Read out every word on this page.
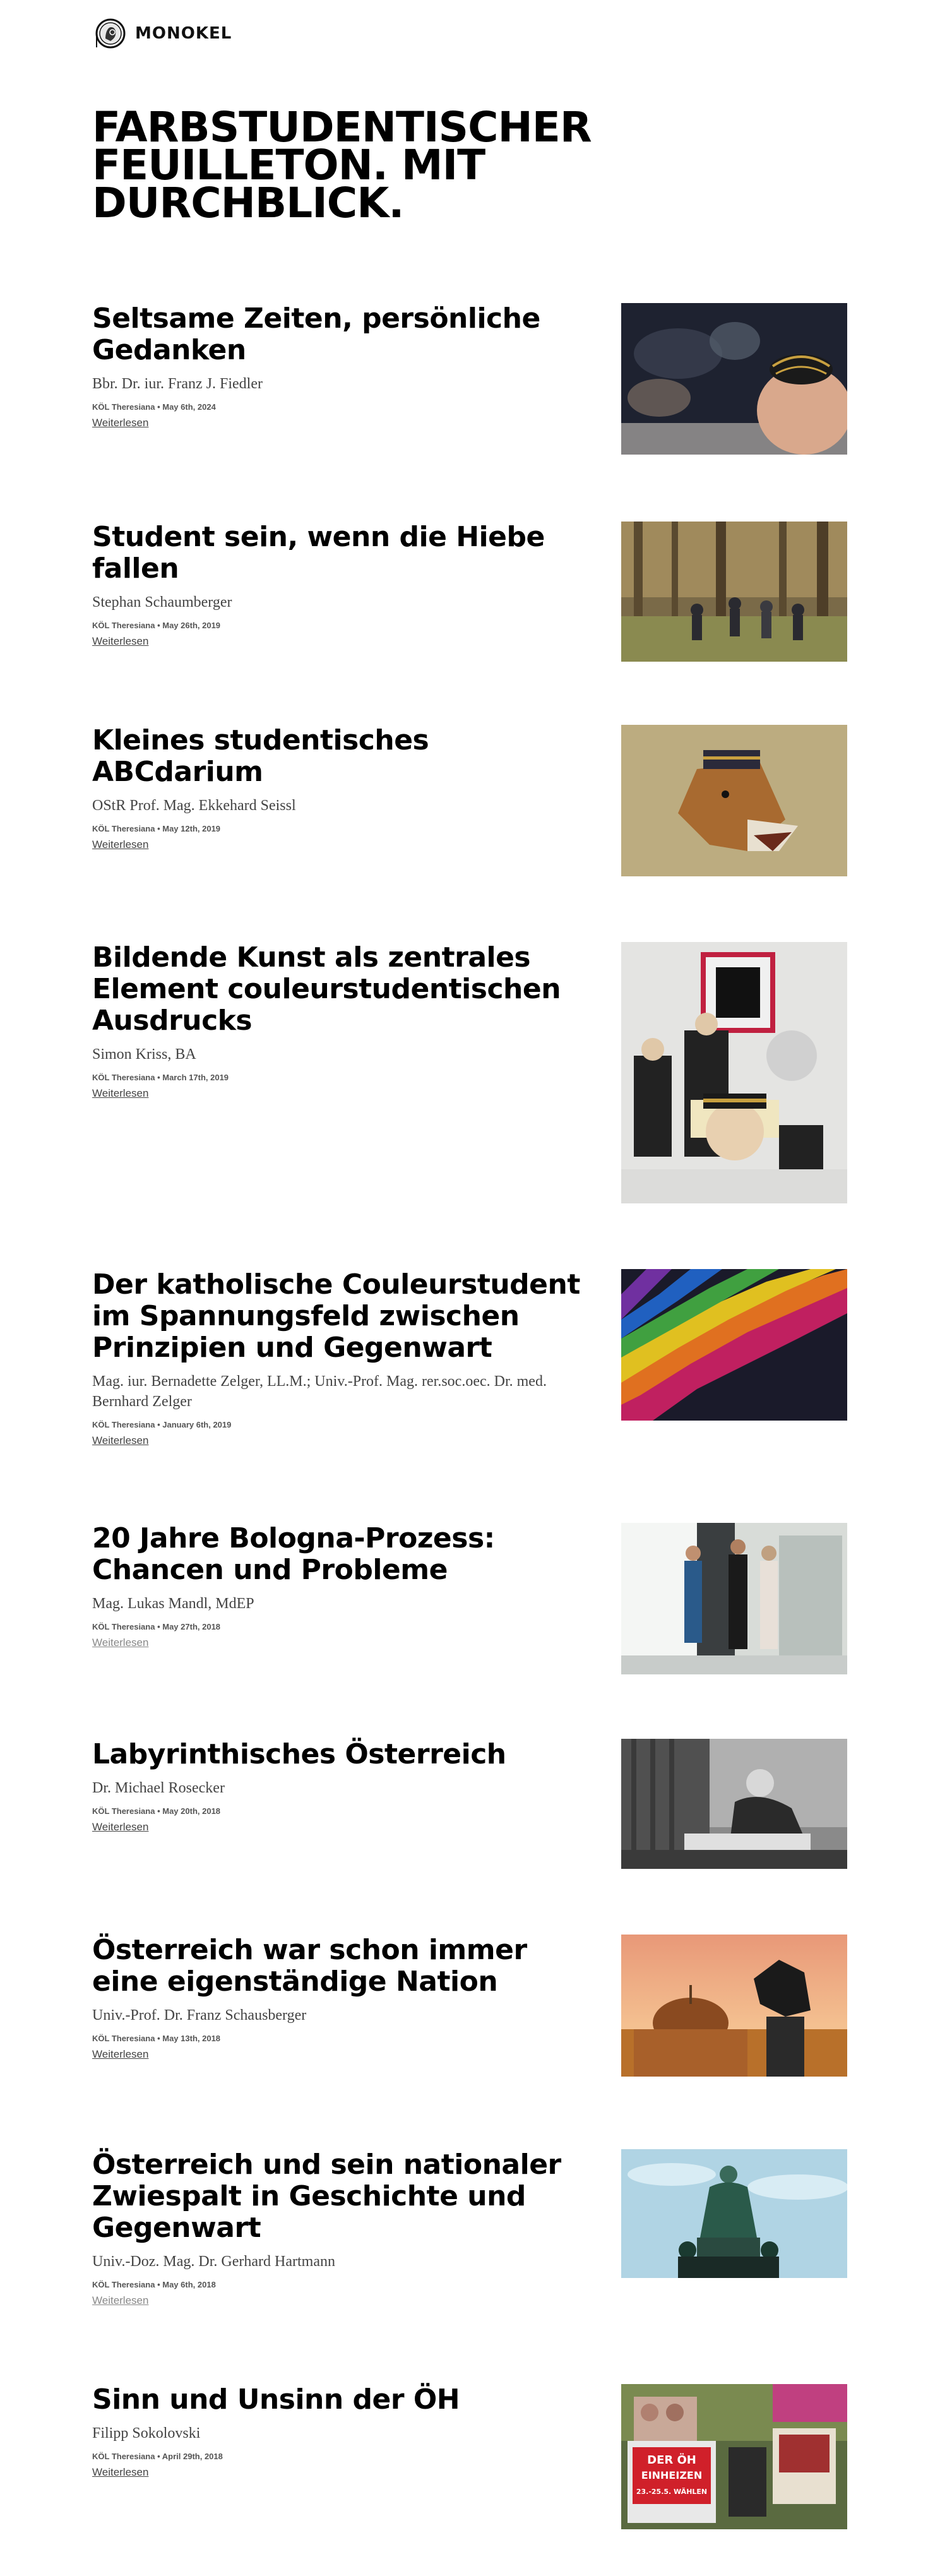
MONOKEL
FARBSTUDENTISCHER
FEUILLETON. MIT
DURCHBLICK.
Seltsame Zeiten, persönliche Gedanken
Bbr. Dr. iur. Franz J. Fiedler
KÖL Theresiana • May 6th, 2024
Weiterlesen
Student sein, wenn die Hiebe fallen
Stephan Schaumberger
KÖL Theresiana • May 26th, 2019
Weiterlesen
Kleines studentisches ABCdarium
OStR Prof. Mag. Ekkehard Seissl
KÖL Theresiana • May 12th, 2019
Weiterlesen
Bildende Kunst als zentrales Element couleurstudentischen Ausdrucks
Simon Kriss, BA
KÖL Theresiana • March 17th, 2019
Weiterlesen
Der katholische Couleurstudent im Spannungsfeld zwischen Prinzipien und Gegenwart
Mag. iur. Bernadette Zelger, LL.M.; Univ.-Prof. Mag. rer.soc.oec. Dr. med. Bernhard Zelger
KÖL Theresiana • January 6th, 2019
Weiterlesen
20 Jahre Bologna-Prozess: Chancen und Probleme
Mag. Lukas Mandl, MdEP
KÖL Theresiana • May 27th, 2018
Weiterlesen
Labyrinthisches Österreich
Dr. Michael Rosecker
KÖL Theresiana • May 20th, 2018
Weiterlesen
Österreich war schon immer eine eigenständige Nation
Univ.-Prof. Dr. Franz Schausberger
KÖL Theresiana • May 13th, 2018
Weiterlesen
Österreich und sein nationaler Zwiespalt in Geschichte und Gegenwart
Univ.-Doz. Mag. Dr. Gerhard Hartmann
KÖL Theresiana • May 6th, 2018
Weiterlesen
Sinn und Unsinn der ÖH
Filipp Sokolovski
KÖL Theresiana • April 29th, 2018
Weiterlesen
DER ÖH
EINHEIZEN
23.-25.5. WÄHLEN
